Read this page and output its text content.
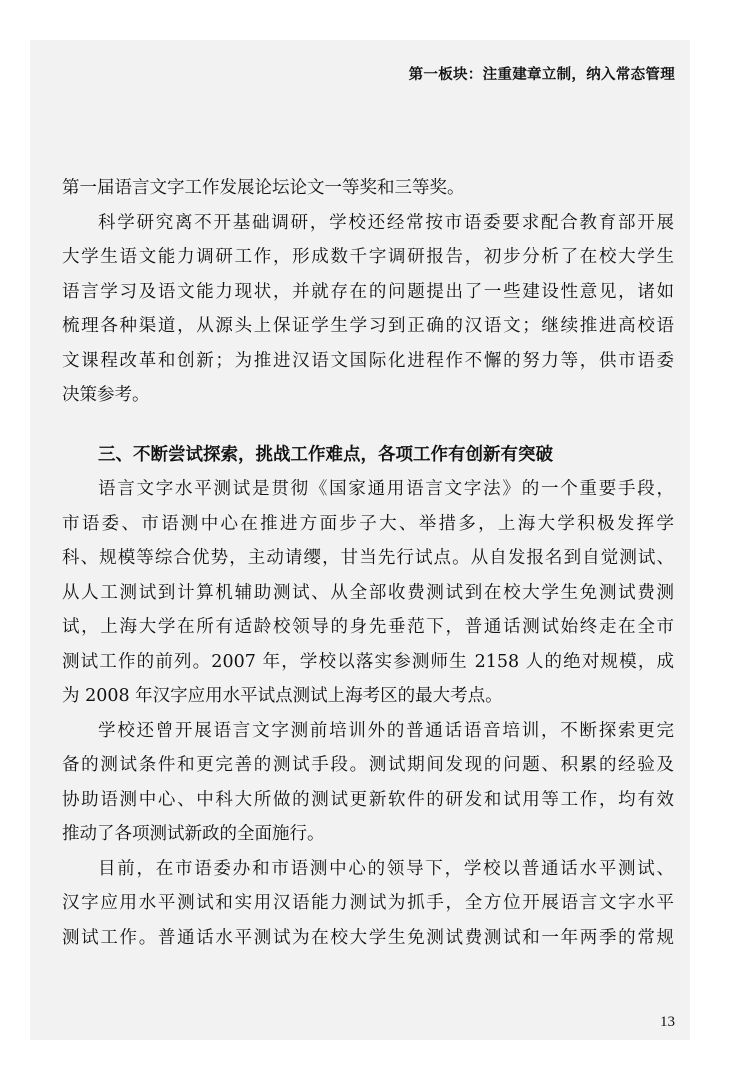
第一板块：注重建章立制，纳入常态管理
第一届语言文字工作发展论坛论文一等奖和三等奖。
科学研究离不开基础调研，学校还经常按市语委要求配合教育部开展
大学生语文能力调研工作，形成数千字调研报告，初步分析了在校大学生
语言学习及语文能力现状，并就存在的问题提出了一些建设性意见，诸如
梳理各种渠道，从源头上保证学生学习到正确的汉语文；继续推进高校语
文课程改革和创新；为推进汉语文国际化进程作不懈的努力等，供市语委
决策参考。
三、不断尝试探索，挑战工作难点，各项工作有创新有突破
语言文字水平测试是贯彻《国家通用语言文字法》的一个重要手段，
市语委、市语测中心在推进方面步子大、举措多，上海大学积极发挥学
科、规模等综合优势，主动请缨，甘当先行试点。从自发报名到自觉测试、
从人工测试到计算机辅助测试、从全部收费测试到在校大学生免测试费测
试，上海大学在所有适龄校领导的身先垂范下，普通话测试始终走在全市
测试工作的前列。2007 年，学校以落实参测师生 2158 人的绝对规模，成
为 2008 年汉字应用水平试点测试上海考区的最大考点。
学校还曾开展语言文字测前培训外的普通话语音培训，不断探索更完
备的测试条件和更完善的测试手段。测试期间发现的问题、积累的经验及
协助语测中心、中科大所做的测试更新软件的研发和试用等工作，均有效
推动了各项测试新政的全面施行。
目前，在市语委办和市语测中心的领导下，学校以普通话水平测试、
汉字应用水平测试和实用汉语能力测试为抓手，全方位开展语言文字水平
测试工作。普通话水平测试为在校大学生免测试费测试和一年两季的常规
13
